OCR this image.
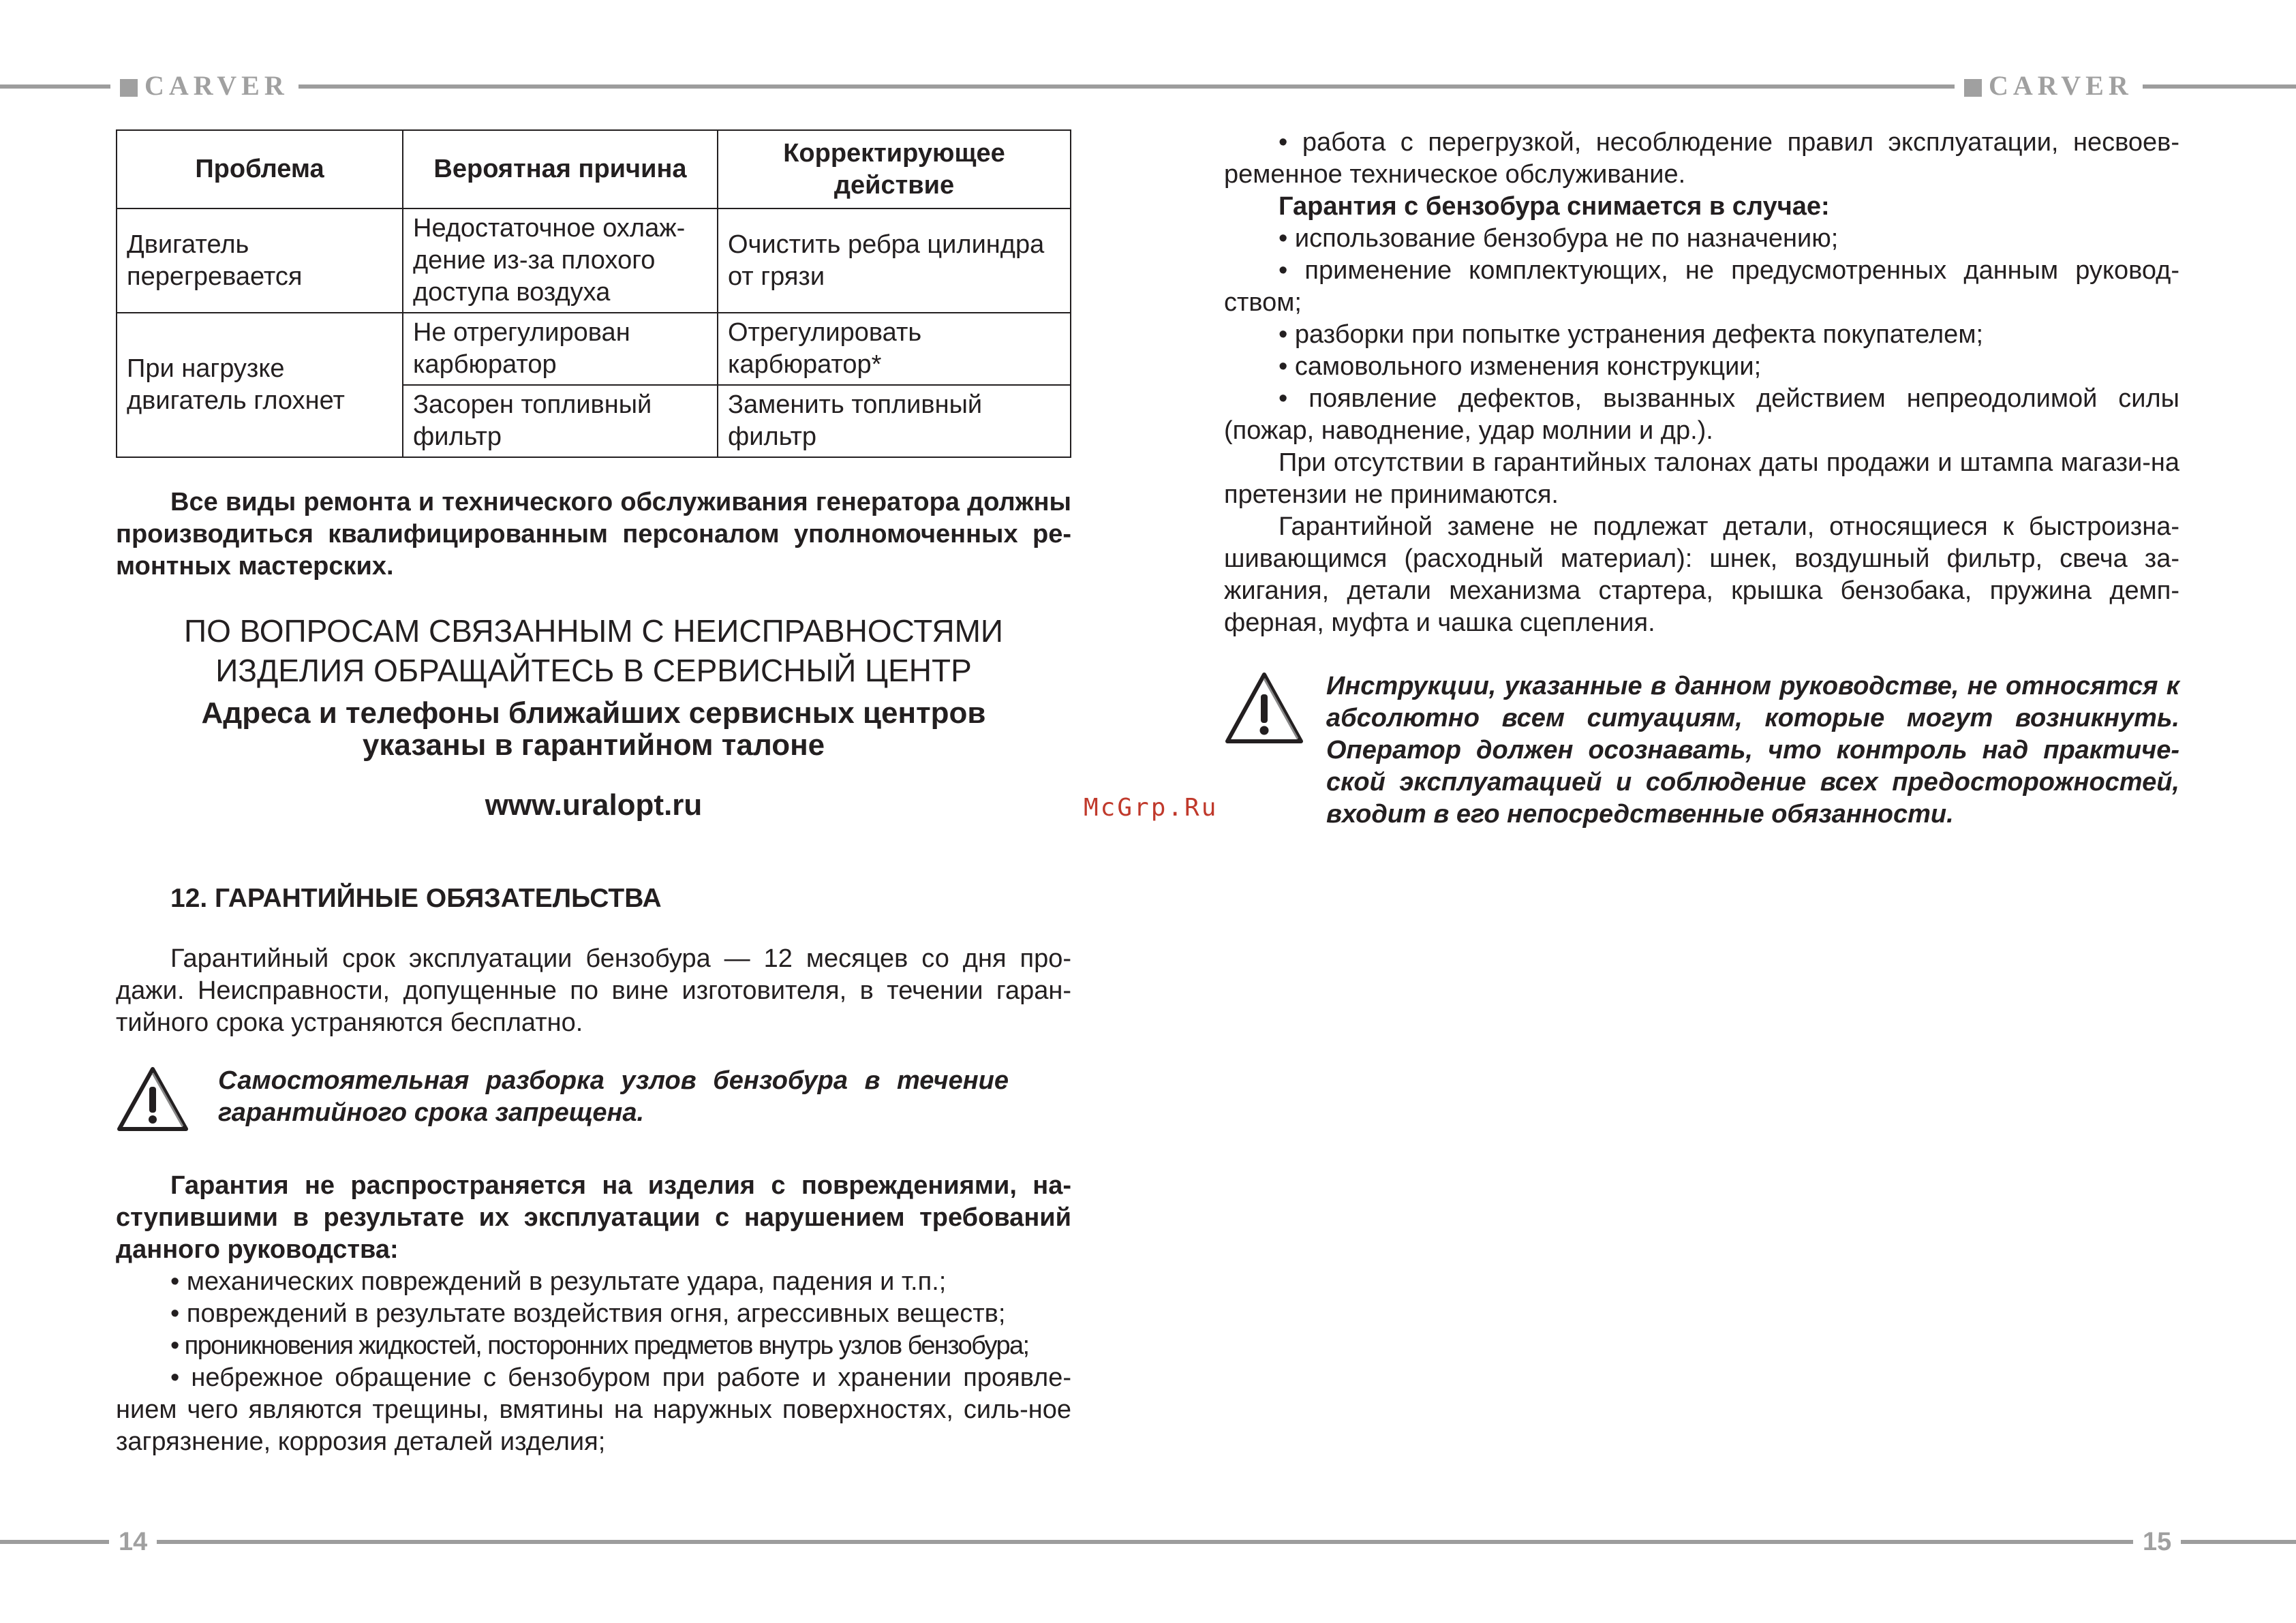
CARVER	CARVER
14	15
McGrp.Ru
Проблема	Вероятная причина	Корректирующее действие
Двигатель перегревается	Недостаточное охлаж-дение из-за плохого доступа воздуха	Очистить ребра цилиндра от грязи
При нагрузке двигатель глохнет	Не отрегулирован карбюратор	Отрегулировать карбюратор*
	Засорен топливный фильтр	Заменить топливный фильтр

Все виды ремонта и технического обслуживания генератора должны производиться квалифицированным персоналом уполномоченных ре-монтных мастерских.

ПО ВОПРОСАМ СВЯЗАННЫМ С НЕИСПРАВНОСТЯМИ
ИЗДЕЛИЯ ОБРАЩАЙТЕСЬ В СЕРВИСНЫЙ ЦЕНТР
Адреса и телефоны ближайших сервисных центров
указаны в гарантийном талоне
www.uralopt.ru
12. ГАРАНТИЙНЫЕ ОБЯЗАТЕЛЬСТВА

Гарантийный срок эксплуатации бензобура — 12 месяцев со дня про-дажи. Неисправности, допущенные по вине изготовителя, в течении гаран-тийного срока устраняются бесплатно.

Самостоятельная разборка узлов бензобура в течение гарантийного срока запрещена.

Гарантия не распространяется на изделия с повреждениями, на-ступившими в результате их эксплуатации с нарушением требований данного руководства:

• механических повреждений в результате удара, падения и т.п.;

• повреждений в результате воздействия огня, агрессивных веществ;

• проникновения жидкостей, посторонних предметов внутрь узлов бензобура;

• небрежное обращение с бензобуром при работе и хранении проявле-нием чего являются трещины, вмятины на наружных поверхностях, силь-ное загрязнение, коррозия деталей изделия;

• работа с перегрузкой, несоблюдение правил эксплуатации, несвоев-ременное техническое обслуживание.

Гарантия с бензобура снимается в случае:

• использование бензобура не по назначению;

• применение комплектующих, не предусмотренных данным руковод-ством;

• разборки при попытке устранения дефекта покупателем;

• самовольного изменения конструкции;

• появление дефектов, вызванных действием непреодолимой силы (пожар, наводнение, удар молнии и др.).

При отсутствии в гарантийных талонах даты продажи и штампа магази-на претензии не принимаются.

Гарантийной замене не подлежат детали, относящиеся к быстроизна-шивающимся (расходный материал): шнек, воздушный фильтр, свеча за-жигания, детали механизма стартера, крышка бензобака, пружина демп-ферная, муфта и чашка сцепления.

Инструкции, указанные в данном руководстве, не относятся к абсолютно всем ситуациям, которые могут возникнуть. Оператор должен осознавать, что контроль над практиче-ской эксплуатацией и соблюдение всех предосторожностей, входит в его непосредственные обязанности.
